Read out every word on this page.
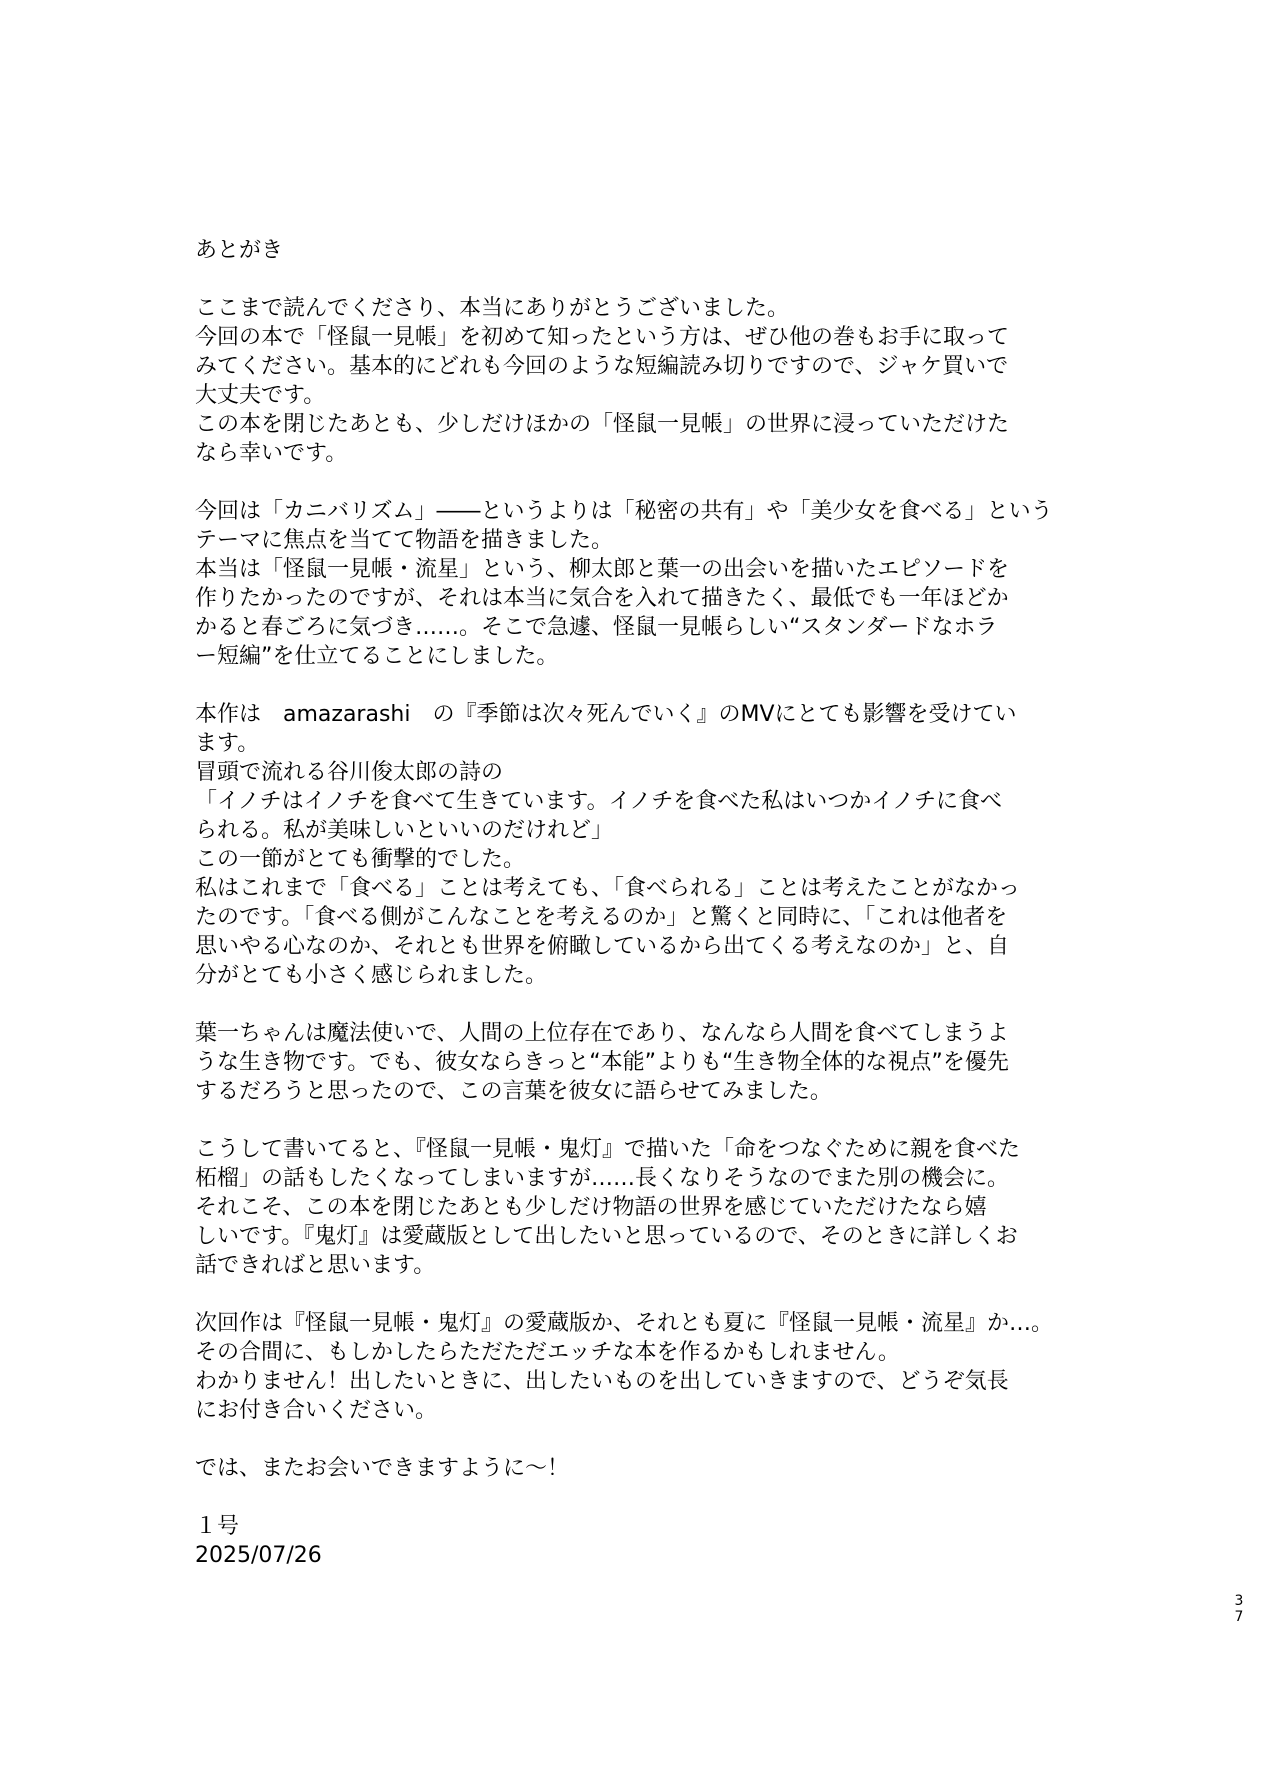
あとがき
ここまで読んでくださり、本当にありがとうございました。
今回の本で「怪鼠一見帳」を初めて知ったという方は、ぜひ他の巻もお手に取って
みてください。基本的にどれも今回のような短編読み切りですので、ジャケ買いで
大丈夫です。
この本を閉じたあとも、少しだけほかの「怪鼠一見帳」の世界に浸っていただけた
なら幸いです。
今回は「カニバリズム」――というよりは「秘密の共有」や「美少女を食べる」という
テーマに焦点を当てて物語を描きました。
本当は「怪鼠一見帳・流星」という、柳太郎と葉一の出会いを描いたエピソードを
作りたかったのですが、それは本当に気合を入れて描きたく、最低でも一年ほどか
かると春ごろに気づき……。そこで急遽、怪鼠一見帳らしい“スタンダードなホラ
ー短編”を仕立てることにしました。
本作は　amazarashi　の『季節は次々死んでいく』のMVにとても影響を受けてい
ます。
冒頭で流れる谷川俊太郎の詩の
「イノチはイノチを食べて生きています。イノチを食べた私はいつかイノチに食べ
られる。私が美味しいといいのだけれど」
この一節がとても衝撃的でした。
私はこれまで「食べる」ことは考えても、「食べられる」ことは考えたことがなかっ
たのです。「食べる側がこんなことを考えるのか」と驚くと同時に、「これは他者を
思いやる心なのか、それとも世界を俯瞰しているから出てくる考えなのか」と、自
分がとても小さく感じられました。
葉一ちゃんは魔法使いで、人間の上位存在であり、なんなら人間を食べてしまうよ
うな生き物です。でも、彼女ならきっと“本能”よりも“生き物全体的な視点”を優先
するだろうと思ったので、この言葉を彼女に語らせてみました。
こうして書いてると、『怪鼠一見帳・鬼灯』で描いた「命をつなぐために親を食べた
柘榴」の話もしたくなってしまいますが……長くなりそうなのでまた別の機会に。
それこそ、この本を閉じたあとも少しだけ物語の世界を感じていただけたなら嬉
しいです。『鬼灯』は愛蔵版として出したいと思っているので、そのときに詳しくお
話できればと思います。
次回作は『怪鼠一見帳・鬼灯』の愛蔵版か、それとも夏に『怪鼠一見帳・流星』か…。
その合間に、もしかしたらただただエッチな本を作るかもしれません。
わかりません！出したいときに、出したいものを出していきますので、どうぞ気長
にお付き合いください。
では、またお会いできますように～！
１号
2025/07/26
3
7
